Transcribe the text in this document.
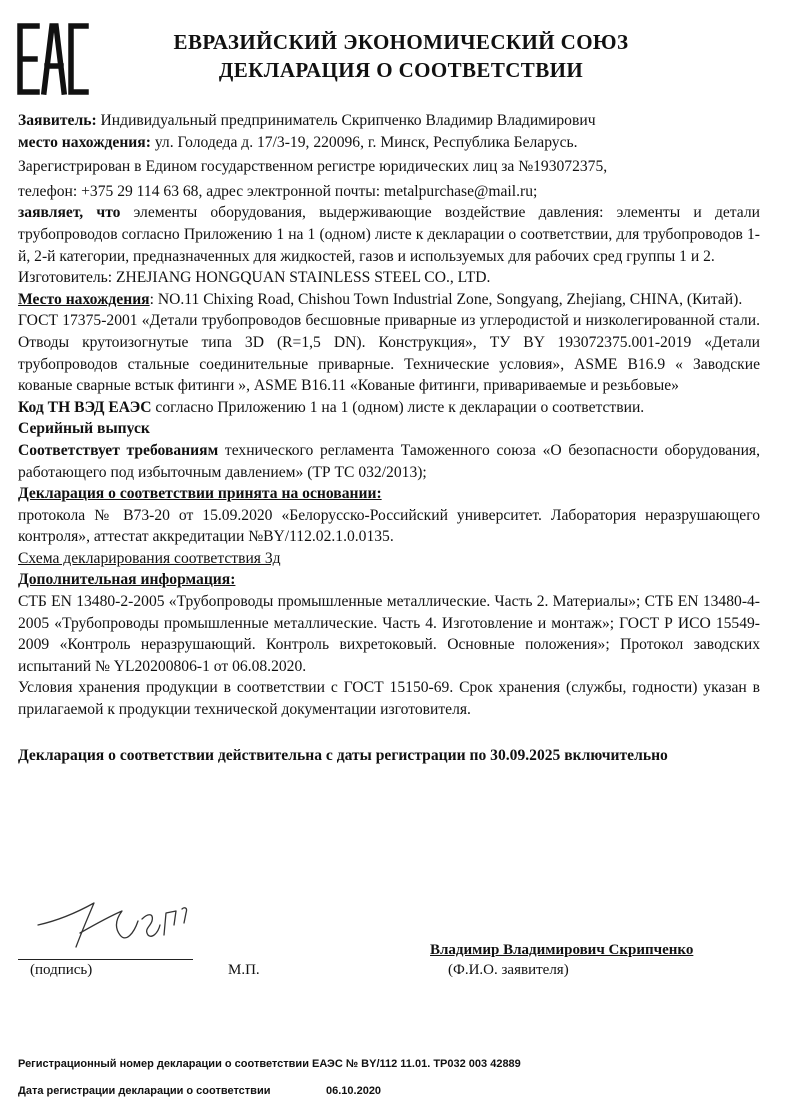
ЕВРАЗИЙСКИЙ ЭКОНОМИЧЕСКИЙ СОЮЗ
ДЕКЛАРАЦИЯ О СООТВЕТСТВИИ

Заявитель: Индивидуальный предприниматель Скрипченко Владимир Владимирович

место нахождения: ул. Голодеда д. 17/3-19, 220096, г. Минск, Республика Беларусь.

Зарегистрирован в Едином государственном регистре юридических лиц за №193072375,

телефон: +375 29 114 63 68, адрес электронной почты: metalpurchase@mail.ru;

заявляет, что элементы оборудования, выдерживающие воздействие давления: элементы и детали трубопроводов согласно Приложению 1 на 1 (одном) листе к декларации о соответствии, для трубопроводов 1-й, 2-й категории, предназначенных для жидкостей, газов и используемых для рабочих сред группы 1 и 2.

Изготовитель: ZHEJIANG HONGQUAN STAINLESS STEEL CO., LTD.

Место нахождения: NO.11 Chixing Road, Chishou Town Industrial Zone, Songyang, Zhejiang, CHINA, (Китай).

ГОСТ 17375-2001 «Детали трубопроводов бесшовные приварные из углеродистой и низколегированной стали. Отводы крутоизогнутые типа 3D (R=1,5 DN). Конструкция», ТУ BY 193072375.001-2019 «Детали трубопроводов стальные соединительные приварные. Технические условия», ASME B16.9 « Заводские кованые сварные встык фитинги », ASME B16.11 «Кованые фитинги, привариваемые и резьбовые»

Код ТН ВЭД ЕАЭС согласно Приложению 1 на 1 (одном) листе к декларации о соответствии.

Серийный выпуск

Соответствует требованиям технического регламента Таможенного союза «О безопасности оборудования, работающего под избыточным давлением» (ТР ТС 032/2013);

Декларация о соответствии принята на основании:

протокола № В73-20 от 15.09.2020 «Белорусско-Российский университет. Лаборатория неразрушающего контроля», аттестат аккредитации №BY/112.02.1.0.0135.

Схема декларирования соответствия 3д

Дополнительная информация:

СТБ EN 13480-2-2005 «Трубопроводы промышленные металлические. Часть 2. Материалы»; СТБ EN 13480-4-2005 «Трубопроводы промышленные металлические. Часть 4. Изготовление и монтаж»; ГОСТ Р ИСО 15549-2009 «Контроль неразрушающий. Контроль вихретоковый. Основные положения»; Протокол заводских испытаний № YL20200806-1 от 06.08.2020.

Условия хранения продукции в соответствии с ГОСТ 15150-69. Срок хранения (службы, годности) указан в прилагаемой к продукции технической документации изготовителя.

Декларация о соответствии действительна с даты регистрации по 30.09.2025 включительно

(подпись)	М.П.
Владимир Владимирович Скрипченко
(Ф.И.О. заявителя)
Регистрационный номер декларации о соответствии ЕАЭС № BY/112 11.01. ТР032 003 42889
Дата регистрации декларации о соответствии	06.10.2020
